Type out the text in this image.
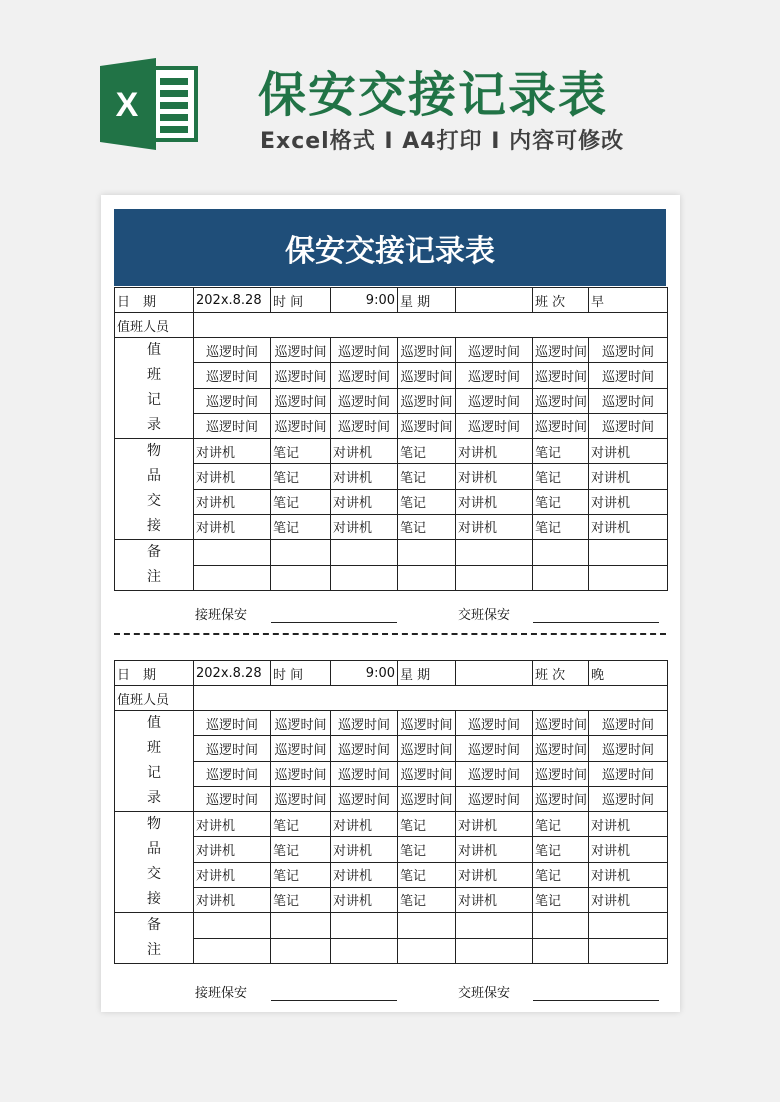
X 保安交接记录表
Excel格式 I A4打印 I 内容可修改
保安交接记录表
日　期	202x.8.28	时 间	9:00	星 期		班 次	早
值班人员							

值
班
记
录	巡逻时间	巡逻时间	巡逻时间	巡逻时间	巡逻时间	巡逻时间	巡逻时间
	巡逻时间	巡逻时间	巡逻时间	巡逻时间	巡逻时间	巡逻时间	巡逻时间
	巡逻时间	巡逻时间	巡逻时间	巡逻时间	巡逻时间	巡逻时间	巡逻时间
	巡逻时间	巡逻时间	巡逻时间	巡逻时间	巡逻时间	巡逻时间	巡逻时间

物
品
交
接	对讲机	笔记	对讲机	笔记	对讲机	笔记	对讲机
	对讲机	笔记	对讲机	笔记	对讲机	笔记	对讲机
	对讲机	笔记	对讲机	笔记	对讲机	笔记	对讲机
	对讲机	笔记	对讲机	笔记	对讲机	笔记	对讲机

备
注							

接班保安	交班保安
日　期	202x.8.28	时 间	9:00	星 期		班 次	晚
值班人员							

值
班
记
录	巡逻时间	巡逻时间	巡逻时间	巡逻时间	巡逻时间	巡逻时间	巡逻时间
	巡逻时间	巡逻时间	巡逻时间	巡逻时间	巡逻时间	巡逻时间	巡逻时间
	巡逻时间	巡逻时间	巡逻时间	巡逻时间	巡逻时间	巡逻时间	巡逻时间
	巡逻时间	巡逻时间	巡逻时间	巡逻时间	巡逻时间	巡逻时间	巡逻时间

物
品
交
接	对讲机	笔记	对讲机	笔记	对讲机	笔记	对讲机
	对讲机	笔记	对讲机	笔记	对讲机	笔记	对讲机
	对讲机	笔记	对讲机	笔记	对讲机	笔记	对讲机
	对讲机	笔记	对讲机	笔记	对讲机	笔记	对讲机

备
注							

接班保安	交班保安
